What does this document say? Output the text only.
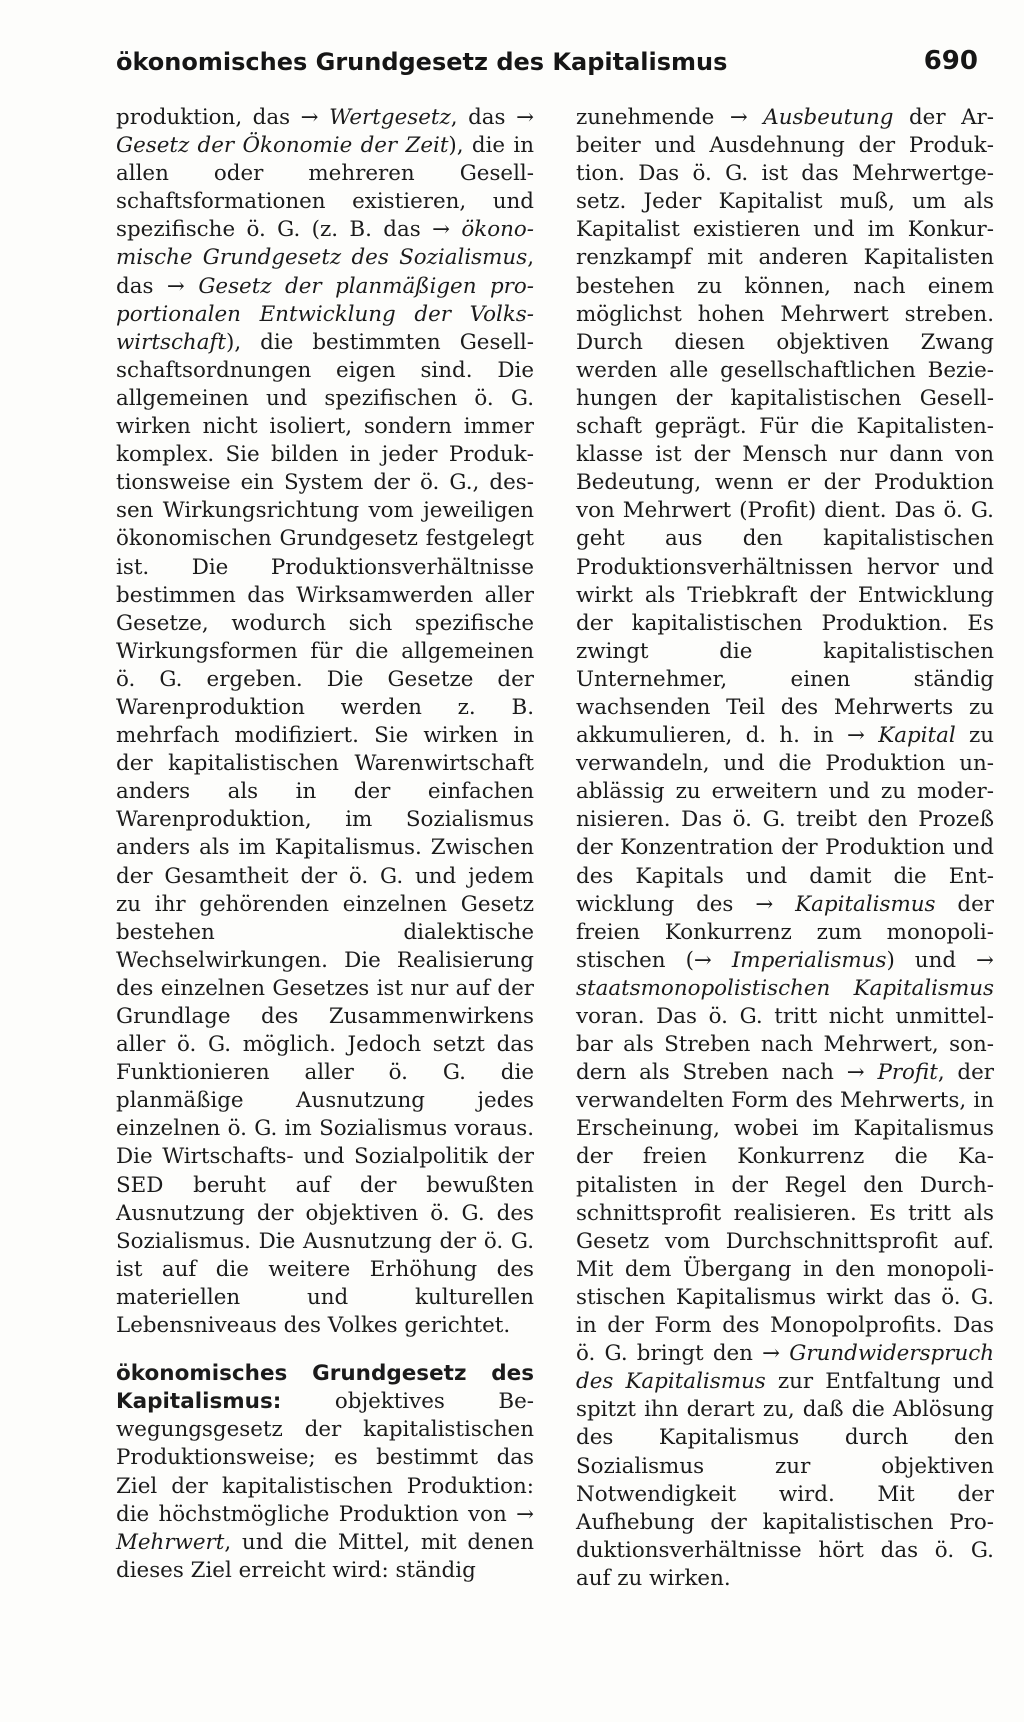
ökonomisches Grundgesetz des Kapitalismus	690

produktion, das → Wertgesetz, das → Gesetz der Ökonomie der Zeit), die in allen oder mehreren Gesellschaftsformationen existieren, und spezifische ö. G. (z. B. das → ökonomische Grundgesetz des Sozialismus, das → Gesetz der planmäßigen proportionalen Entwicklung der Volkswirtschaft), die bestimmten Gesellschaftsordnungen eigen sind. Die allgemeinen und spezifischen ö. G. wirken nicht isoliert, sondern immer komplex. Sie bilden in jeder Produktionsweise ein System der ö. G., dessen Wirkungsrichtung vom jeweiligen ökonomischen Grundgesetz festgelegt ist. Die Produktionsverhältnisse bestimmen das Wirksamwerden aller Gesetze, wodurch sich spezifische Wirkungsformen für die allgemeinen ö. G. ergeben. Die Gesetze der Warenproduktion werden z. B. mehrfach modifiziert. Sie wirken in der kapitalistischen Warenwirtschaft anders als in der einfachen Warenproduktion, im Sozialismus anders als im Kapitalismus. Zwischen der Gesamtheit der ö. G. und jedem zu ihr gehörenden einzelnen Gesetz bestehen dialektische Wechselwirkungen. Die Realisierung des einzelnen Gesetzes ist nur auf der Grundlage des Zusammenwirkens aller ö. G. möglich. Jedoch setzt das Funktionieren aller ö. G. die planmäßige Ausnutzung jedes einzelnen ö. G. im Sozialismus voraus. Die Wirtschafts- und Sozialpolitik der SED beruht auf der bewußten Ausnutzung der objektiven ö. G. des Sozialismus. Die Ausnutzung der ö. G. ist auf die weitere Erhöhung des materiellen und kulturellen Lebensniveaus des Volkes gerichtet.

ökonomisches Grundgesetz des Kapitalismus: objektives Bewegungsgesetz der kapitalistischen Produktionsweise; es bestimmt das Ziel der kapitalistischen Produktion: die höchstmögliche Produktion von → Mehrwert, und die Mittel, mit denen dieses Ziel erreicht wird: ständig

zunehmende → Ausbeutung der Arbeiter und Ausdehnung der Produktion. Das ö. G. ist das Mehrwertgesetz. Jeder Kapitalist muß, um als Kapitalist existieren und im Konkurrenzkampf mit anderen Kapitalisten bestehen zu können, nach einem möglichst hohen Mehrwert streben. Durch diesen objektiven Zwang werden alle gesellschaftlichen Beziehungen der kapitalistischen Gesellschaft geprägt. Für die Kapitalistenklasse ist der Mensch nur dann von Bedeutung, wenn er der Produktion von Mehrwert (Profit) dient. Das ö. G. geht aus den kapitalistischen Produktionsverhältnissen hervor und wirkt als Triebkraft der Entwicklung der kapitalistischen Produktion. Es zwingt die kapitalistischen Unternehmer, einen ständig wachsenden Teil des Mehrwerts zu akkumulieren, d. h. in → Kapital zu verwandeln, und die Produktion unablässig zu erweitern und zu modernisieren. Das ö. G. treibt den Prozeß der Konzentration der Produktion und des Kapitals und damit die Entwicklung des → Kapitalismus der freien Konkurrenz zum monopolistischen (→ Imperialismus) und → staatsmonopolistischen Kapitalismus voran. Das ö. G. tritt nicht unmittelbar als Streben nach Mehrwert, sondern als Streben nach → Profit, der verwandelten Form des Mehrwerts, in Erscheinung, wobei im Kapitalismus der freien Konkurrenz die Kapitalisten in der Regel den Durchschnittsprofit realisieren. Es tritt als Gesetz vom Durchschnittsprofit auf. Mit dem Übergang in den monopolistischen Kapitalismus wirkt das ö. G. in der Form des Monopolprofits. Das ö. G. bringt den → Grundwiderspruch des Kapitalismus zur Entfaltung und spitzt ihn derart zu, daß die Ablösung des Kapitalismus durch den Sozialismus zur objektiven Notwendigkeit wird. Mit der Aufhebung der kapitalistischen Produktionsverhältnisse hört das ö. G. auf zu wirken.
